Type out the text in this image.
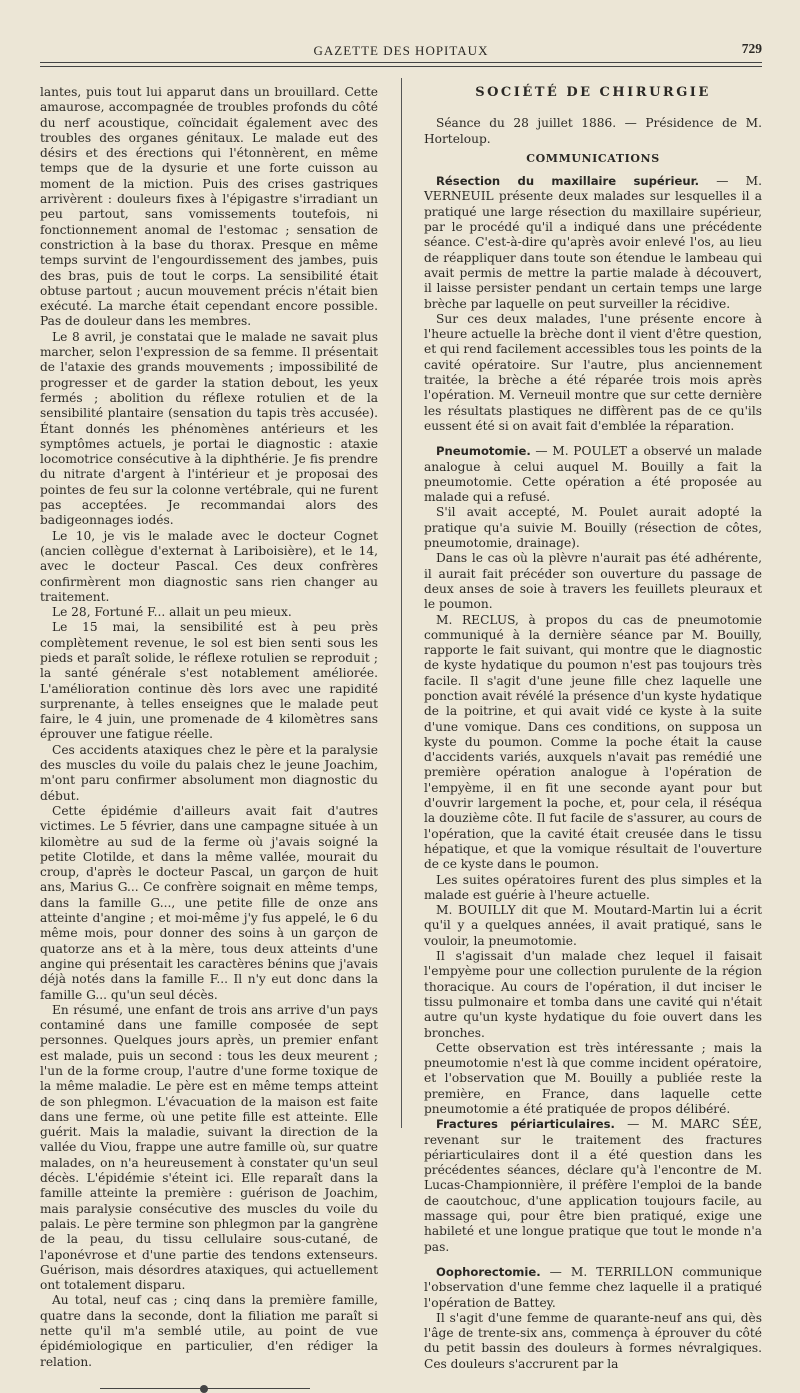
GAZETTE DES HOPITAUX	729

lantes, puis tout lui apparut dans un brouillard. Cette amaurose, accompagnée de troubles profonds du côté du nerf acoustique, coïncidait également avec des troubles des organes génitaux. Le malade eut des désirs et des érections qui l'étonnèrent, en même temps que de la dysurie et une forte cuisson au moment de la miction. Puis des crises gastriques arrivèrent : douleurs fixes à l'épigastre s'irradiant un peu partout, sans vomissements toutefois, ni fonctionnement anomal de l'estomac ; sensation de constriction à la base du thorax. Presque en même temps survint de l'engourdissement des jambes, puis des bras, puis de tout le corps. La sensibilité était obtuse partout ; aucun mouvement précis n'était bien exécuté. La marche était cependant encore possible. Pas de douleur dans les membres.

Le 8 avril, je constatai que le malade ne savait plus marcher, selon l'expression de sa femme. Il présentait de l'ataxie des grands mouvements ; impossibilité de progresser et de garder la station debout, les yeux fermés ; abolition du réflexe rotulien et de la sensibilité plantaire (sensation du tapis très accusée). Étant donnés les phénomènes antérieurs et les symptômes actuels, je portai le diagnostic : ataxie locomotrice consécutive à la diphthérie. Je fis prendre du nitrate d'argent à l'intérieur et je proposai des pointes de feu sur la colonne vertébrale, qui ne furent pas acceptées. Je recommandai alors des badigeonnages iodés.

Le 10, je vis le malade avec le docteur Cognet (ancien collègue d'externat à Lariboisière), et le 14, avec le docteur Pascal. Ces deux confrères confirmèrent mon diagnostic sans rien changer au traitement.

Le 28, Fortuné F... allait un peu mieux.

Le 15 mai, la sensibilité est à peu près complètement revenue, le sol est bien senti sous les pieds et paraît solide, le réflexe rotulien se reproduit ; la santé générale s'est notablement améliorée. L'amélioration continue dès lors avec une rapidité surprenante, à telles enseignes que le malade peut faire, le 4 juin, une promenade de 4 kilomètres sans éprouver une fatigue réelle.

Ces accidents ataxiques chez le père et la paralysie des muscles du voile du palais chez le jeune Joachim, m'ont paru confirmer absolument mon diagnostic du début.

Cette épidémie d'ailleurs avait fait d'autres victimes. Le 5 février, dans une campagne située à un kilomètre au sud de la ferme où j'avais soigné la petite Clotilde, et dans la même vallée, mourait du croup, d'après le docteur Pascal, un garçon de huit ans, Marius G... Ce confrère soignait en même temps, dans la famille G..., une petite fille de onze ans atteinte d'angine ; et moi-même j'y fus appelé, le 6 du même mois, pour donner des soins à un garçon de quatorze ans et à la mère, tous deux atteints d'une angine qui présentait les caractères bénins que j'avais déjà notés dans la famille F... Il n'y eut donc dans la famille G... qu'un seul décès.

En résumé, une enfant de trois ans arrive d'un pays contaminé dans une famille composée de sept personnes. Quelques jours après, un premier enfant est malade, puis un second : tous les deux meurent ; l'un de la forme croup, l'autre d'une forme toxique de la même maladie. Le père est en même temps atteint de son phlegmon. L'évacuation de la maison est faite dans une ferme, où une petite fille est atteinte. Elle guérit. Mais la maladie, suivant la direction de la vallée du Viou, frappe une autre famille où, sur quatre malades, on n'a heureusement à constater qu'un seul décès. L'épidémie s'éteint ici. Elle reparaît dans la famille atteinte la première : guérison de Joachim, mais paralysie consécutive des muscles du voile du palais. Le père termine son phlegmon par la gangrène de la peau, du tissu cellulaire sous-cutané, de l'aponévrose et d'une partie des tendons extenseurs. Guérison, mais désordres ataxiques, qui actuellement ont totalement disparu.

Au total, neuf cas ; cinq dans la première famille, quatre dans la seconde, dont la filiation me paraît si nette qu'il m'a semblé utile, au point de vue épidémiologique en particulier, d'en rédiger la relation.

SOCIÉTÉ DE CHIRURGIE

Séance du 28 juillet 1886. — Présidence de M. Horteloup.

COMMUNICATIONS

Résection du maxillaire supérieur. — M. VERNEUIL présente deux malades sur lesquelles il a pratiqué une large résection du maxillaire supérieur, par le procédé qu'il a indiqué dans une précédente séance. C'est-à-dire qu'après avoir enlevé l'os, au lieu de réappliquer dans toute son étendue le lambeau qui avait permis de mettre la partie malade à découvert, il laisse persister pendant un certain temps une large brèche par laquelle on peut surveiller la récidive.

Sur ces deux malades, l'une présente encore à l'heure actuelle la brèche dont il vient d'être question, et qui rend facilement accessibles tous les points de la cavité opératoire. Sur l'autre, plus anciennement traitée, la brèche a été réparée trois mois après l'opération. M. Verneuil montre que sur cette dernière les résultats plastiques ne diffèrent pas de ce qu'ils eussent été si on avait fait d'emblée la réparation.

Pneumotomie. — M. POULET a observé un malade analogue à celui auquel M. Bouilly a fait la pneumotomie. Cette opération a été proposée au malade qui a refusé.

S'il avait accepté, M. Poulet aurait adopté la pratique qu'a suivie M. Bouilly (résection de côtes, pneumotomie, drainage).

Dans le cas où la plèvre n'aurait pas été adhérente, il aurait fait précéder son ouverture du passage de deux anses de soie à travers les feuillets pleuraux et le poumon.

M. RECLUS, à propos du cas de pneumotomie communiqué à la dernière séance par M. Bouilly, rapporte le fait suivant, qui montre que le diagnostic de kyste hydatique du poumon n'est pas toujours très facile. Il s'agit d'une jeune fille chez laquelle une ponction avait révélé la présence d'un kyste hydatique de la poitrine, et qui avait vidé ce kyste à la suite d'une vomique. Dans ces conditions, on supposa un kyste du poumon. Comme la poche était la cause d'accidents variés, auxquels n'avait pas remédié une première opération analogue à l'opération de l'empyème, il en fit une seconde ayant pour but d'ouvrir largement la poche, et, pour cela, il réséqua la douzième côte. Il fut facile de s'assurer, au cours de l'opération, que la cavité était creusée dans le tissu hépatique, et que la vomique résultait de l'ouverture de ce kyste dans le poumon.

Les suites opératoires furent des plus simples et la malade est guérie à l'heure actuelle.

M. BOUILLY dit que M. Moutard-Martin lui a écrit qu'il y a quelques années, il avait pratiqué, sans le vouloir, la pneumotomie.

Il s'agissait d'un malade chez lequel il faisait l'empyème pour une collection purulente de la région thoracique. Au cours de l'opération, il dut inciser le tissu pulmonaire et tomba dans une cavité qui n'était autre qu'un kyste hydatique du foie ouvert dans les bronches.

Cette observation est très intéressante ; mais la pneumotomie n'est là que comme incident opératoire, et l'observation que M. Bouilly a publiée reste la première, en France, dans laquelle cette pneumotomie a été pratiquée de propos délibéré.

Fractures périarticulaires. — M. MARC SÉE, revenant sur le traitement des fractures périarticulaires dont il a été question dans les précédentes séances, déclare qu'à l'encontre de M. Lucas-Championnière, il préfère l'emploi de la bande de caoutchouc, d'une application toujours facile, au massage qui, pour être bien pratiqué, exige une habileté et une longue pratique que tout le monde n'a pas.

Oophorectomie. — M. TERRILLON communique l'observation d'une femme chez laquelle il a pratiqué l'opération de Battey.

Il s'agit d'une femme de quarante-neuf ans qui, dès l'âge de trente-six ans, commença à éprouver du côté du petit bassin des douleurs à formes névralgiques. Ces douleurs s'accrurent par la
